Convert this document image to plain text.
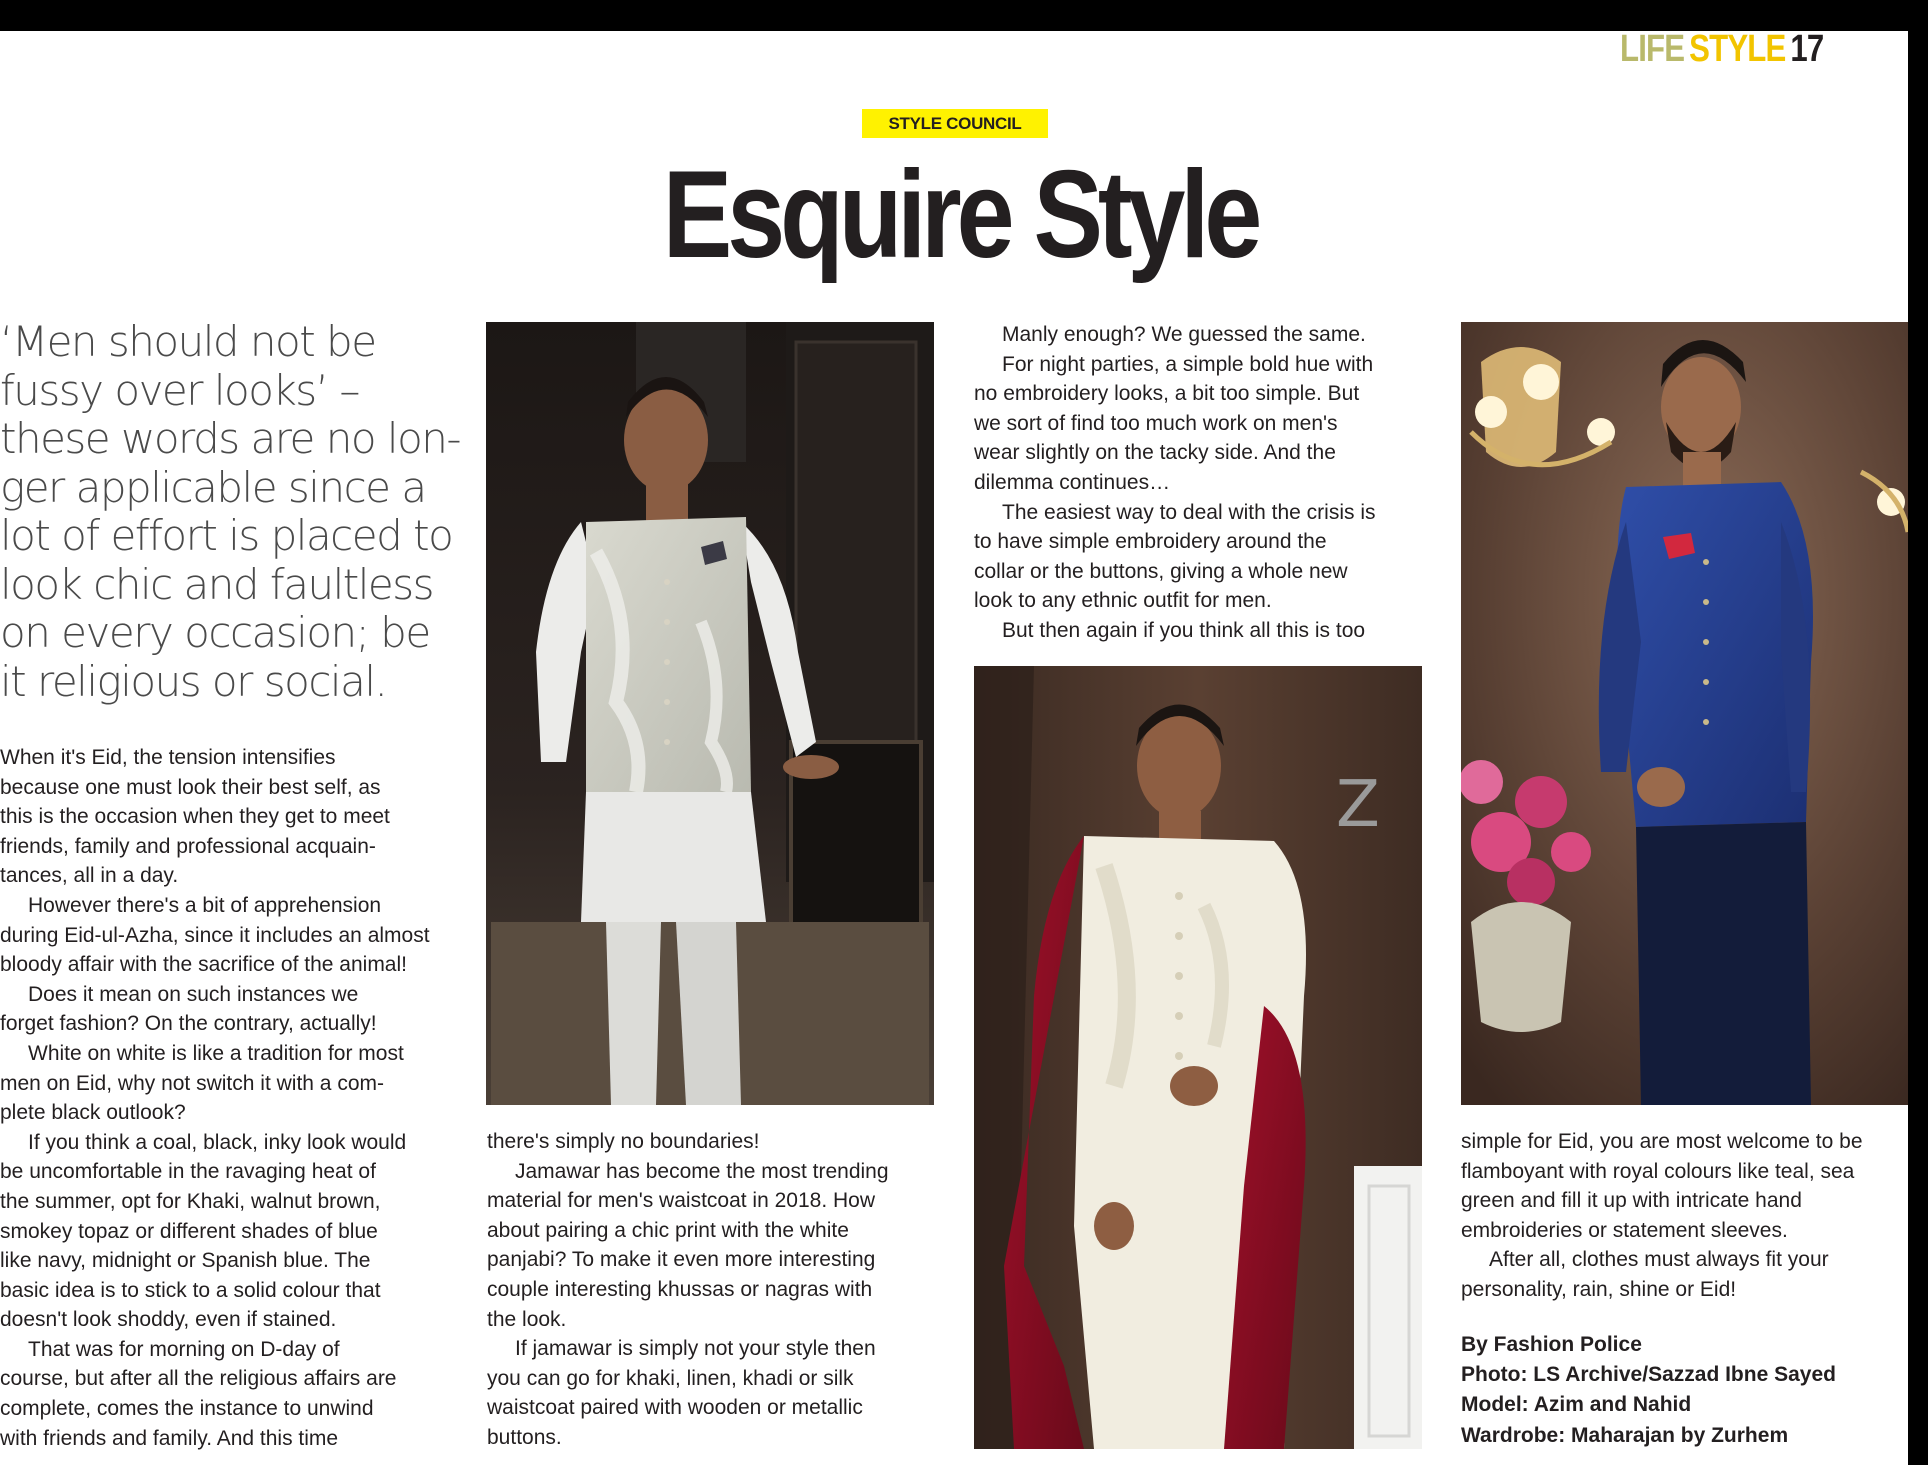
LIFE STYLE 17
STYLE COUNCIL
Esquire Style

‘Men should not be

fussy over looks’ –

these words are no lon-

ger applicable since a

lot of effort is placed to

look chic and faultless

on every occasion; be

it religious or social.

When it's Eid, the tension intensifies

because one must look their best self, as

this is the occasion when they get to meet

friends, family and professional acquain-

tances, all in a day.

However there's a bit of apprehension

during Eid-ul-Azha, since it includes an almost

bloody affair with the sacrifice of the animal!

Does it mean on such instances we

forget fashion? On the contrary, actually!

White on white is like a tradition for most

men on Eid, why not switch it with a com-

plete black outlook?

If you think a coal, black, inky look would

be uncomfortable in the ravaging heat of

the summer, opt for Khaki, walnut brown,

smokey topaz or different shades of blue

like navy, midnight or Spanish blue. The

basic idea is to stick to a solid colour that

doesn't look shoddy, even if stained.

That was for morning on D-day of

course, but after all the religious affairs are

complete, comes the instance to unwind

with friends and family. And this time

there's simply no boundaries!

Jamawar has become the most trending

material for men's waistcoat in 2018. How

about pairing a chic print with the white

panjabi? To make it even more interesting

couple interesting khussas or nagras with

the look.

If jamawar is simply not your style then

you can go for khaki, linen, khadi or silk

waistcoat paired with wooden or metallic

buttons.

Manly enough? We guessed the same.

For night parties, a simple bold hue with

no embroidery looks, a bit too simple. But

we sort of find too much work on men's

wear slightly on the tacky side. And the

dilemma continues…

The easiest way to deal with the crisis is

to have simple embroidery around the

collar or the buttons, giving a whole new

look to any ethnic outfit for men.

But then again if you think all this is too

Z

simple for Eid, you are most welcome to be

flamboyant with royal colours like teal, sea

green and fill it up with intricate hand

embroideries or statement sleeves.

After all, clothes must always fit your

personality, rain, shine or Eid!

By Fashion Police

Photo: LS Archive/Sazzad Ibne Sayed

Model: Azim and Nahid

Wardrobe: Maharajan by Zurhem
